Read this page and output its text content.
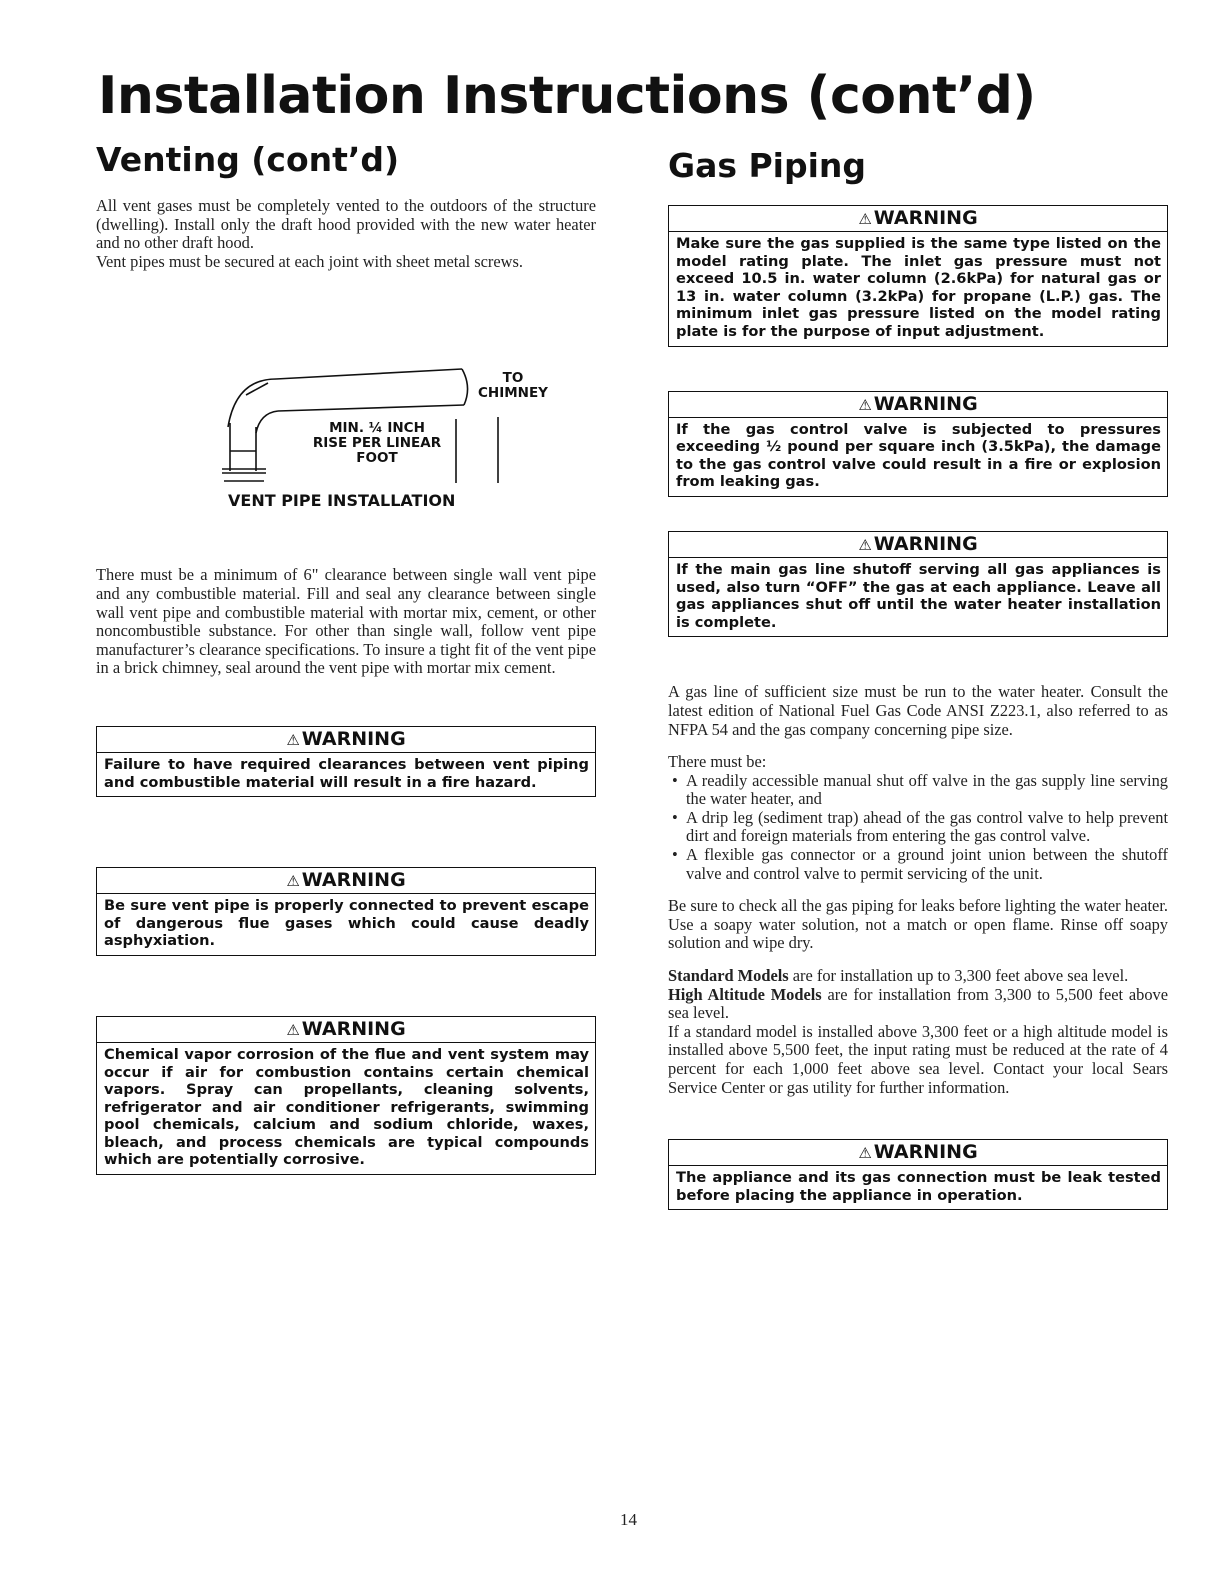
Installation Instructions (cont’d)
Venting (cont’d)

All vent gases must be completely vented to the outdoors of the structure (dwelling). Install only the draft hood provided with the new water heater and no other draft hood.

Vent pipes must be secured at each joint with sheet metal screws.

TO
CHIMNEY
MIN. ¼ INCH
RISE PER LINEAR
FOOT
VENT PIPE INSTALLATION
There must be a minimum of 6" clearance between single wall vent pipe and any combustible material. Fill and seal any clearance between single wall vent pipe and combustible material with mortar mix, cement, or other noncombustible substance. For other than single wall, follow vent pipe manufacturer’s clearance specifications. To insure a tight fit of the vent pipe in a brick chimney, seal around the vent pipe with mortar mix cement.
⚠ WARNING
Failure to have required clearances between vent piping and combustible material will result in a fire hazard.
⚠ WARNING
Be sure vent pipe is properly connected to prevent escape of dangerous flue gases which could cause deadly asphyxiation.
⚠ WARNING
Chemical vapor corrosion of the flue and vent system may occur if air for combustion contains certain chemical vapors. Spray can propellants, cleaning solvents, refrigerator and air conditioner refrigerants, swimming pool chemicals, calcium and sodium chloride, waxes, bleach, and process chemicals are typical compounds which are potentially corrosive.
Gas Piping
⚠ WARNING
Make sure the gas supplied is the same type listed on the model rating plate. The inlet gas pressure must not exceed 10.5 in. water column (2.6kPa) for natural gas or 13 in. water column (3.2kPa) for propane (L.P.) gas. The minimum inlet gas pressure listed on the model rating plate is for the purpose of input adjustment.
⚠ WARNING
If the gas control valve is subjected to pressures exceeding ½ pound per square inch (3.5kPa), the damage to the gas control valve could result in a fire or explosion from leaking gas.
⚠ WARNING
If the main gas line shutoff serving all gas appliances is used, also turn “OFF” the gas at each appliance. Leave all gas appliances shut off until the water heater installation is complete.
A gas line of sufficient size must be run to the water heater. Consult the latest edition of National Fuel Gas Code ANSI Z223.1, also referred to as NFPA 54 and the gas company concerning pipe size.

There must be:

• A readily accessible manual shut off valve in the gas supply line serving the water heater, and
• A drip leg (sediment trap) ahead of the gas control valve to help prevent dirt and foreign materials from entering the gas control valve.
• A flexible gas connector or a ground joint union between the shutoff valve and control valve to permit servicing of the unit.
Be sure to check all the gas piping for leaks before lighting the water heater. Use a soapy water solution, not a match or open flame. Rinse off soapy solution and wipe dry.

Standard Models are for installation up to 3,300 feet above sea level.

High Altitude Models are for installation from 3,300 to 5,500 feet above sea level.

If a standard model is installed above 3,300 feet or a high altitude model is installed above 5,500 feet, the input rating must be reduced at the rate of 4 percent for each 1,000 feet above sea level. Contact your local Sears Service Center or gas utility for further information.

⚠ WARNING
The appliance and its gas connection must be leak tested before placing the appliance in operation.
14
